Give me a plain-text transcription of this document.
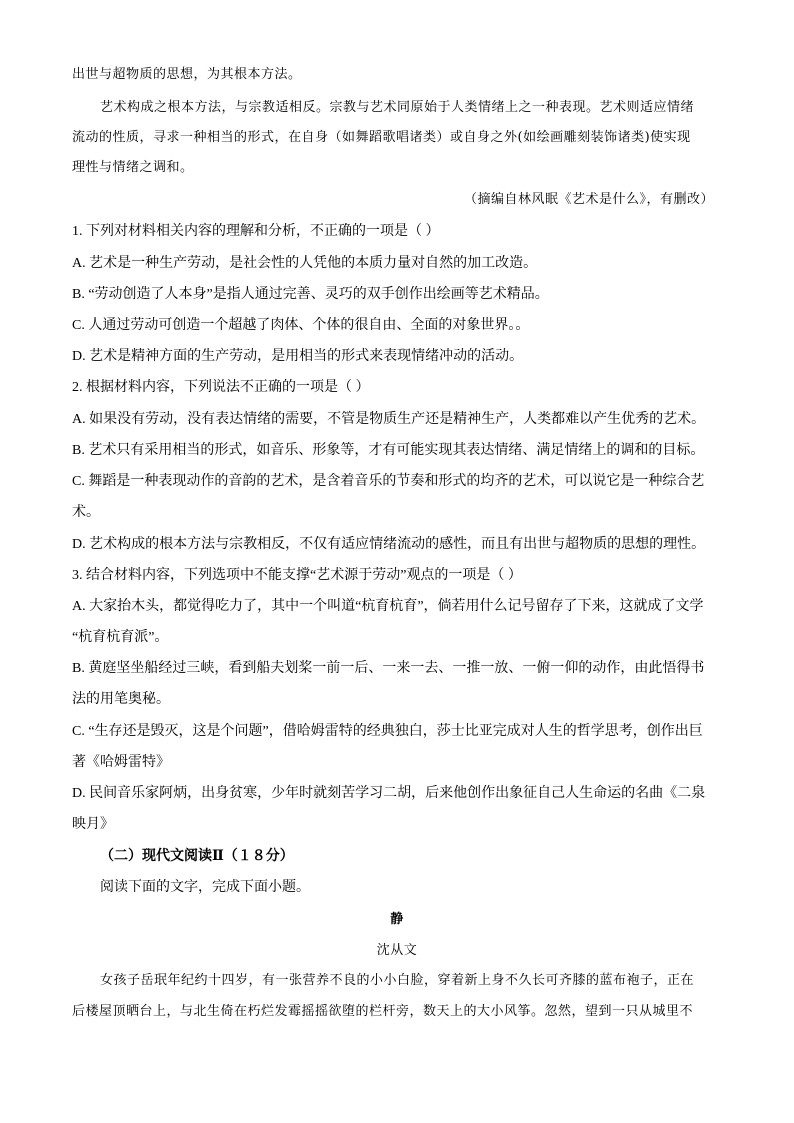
出世与超物质的思想，为其根本方法。
艺术构成之根本方法，与宗教适相反。宗教与艺术同原始于人类情绪上之一种表现。艺术则适应情绪
流动的性质，寻求一种相当的形式，在自身（如舞蹈歌唱诸类）或自身之外(如绘画雕刻装饰诸类)使实现
理性与情绪之调和。
（摘编自林风眠《艺术是什么》，有删改）
1. 下列对材料相关内容的理解和分析，不正确的一项是（ ）
A. 艺术是一种生产劳动，是社会性的人凭他的本质力量对自然的加工改造。
B. “劳动创造了人本身”是指人通过完善、灵巧的双手创作出绘画等艺术精品。
C. 人通过劳动可创造一个超越了肉体、个体的很自由、全面的对象世界。。
D. 艺术是精神方面的生产劳动，是用相当的形式来表现情绪冲动的活动。
2. 根据材料内容，下列说法不正确的一项是（ ）
A. 如果没有劳动，没有表达情绪的需要，不管是物质生产还是精神生产，人类都难以产生优秀的艺术。
B. 艺术只有采用相当的形式，如音乐、形象等，才有可能实现其表达情绪、满足情绪上的调和的目标。
C. 舞蹈是一种表现动作的音韵的艺术，是含着音乐的节奏和形式的均齐的艺术，可以说它是一种综合艺
术。
D. 艺术构成的根本方法与宗教相反，不仅有适应情绪流动的感性，而且有出世与超物质的思想的理性。
3. 结合材料内容，下列选项中不能支撑“艺术源于劳动”观点的一项是（ ）
A. 大家抬木头，都觉得吃力了，其中一个叫道“杭育杭育”，倘若用什么记号留存了下来，这就成了文学
“杭育杭育派”。
B. 黄庭坚坐船经过三峡，看到船夫划桨一前一后、一来一去、一推一放、一俯一仰的动作，由此悟得书
法的用笔奥秘。
C. “生存还是毁灭，这是个问题”，借哈姆雷特的经典独白，莎士比亚完成对人生的哲学思考，创作出巨
著《哈姆雷特》
D. 民间音乐家阿炳，出身贫寒，少年时就刻苦学习二胡，后来他创作出象征自己人生命运的名曲《二泉
映月》
（二）现代文阅读Ⅱ（１８分）
阅读下面的文字，完成下面小题。
静
沈从文
女孩子岳珉年纪约十四岁，有一张营养不良的小小白脸，穿着新上身不久长可齐膝的蓝布袍子，正在
后楼屋顶晒台上，与北生倚在朽烂发霉摇摇欲堕的栏杆旁，数天上的大小风筝。忽然，望到一只从城里不
